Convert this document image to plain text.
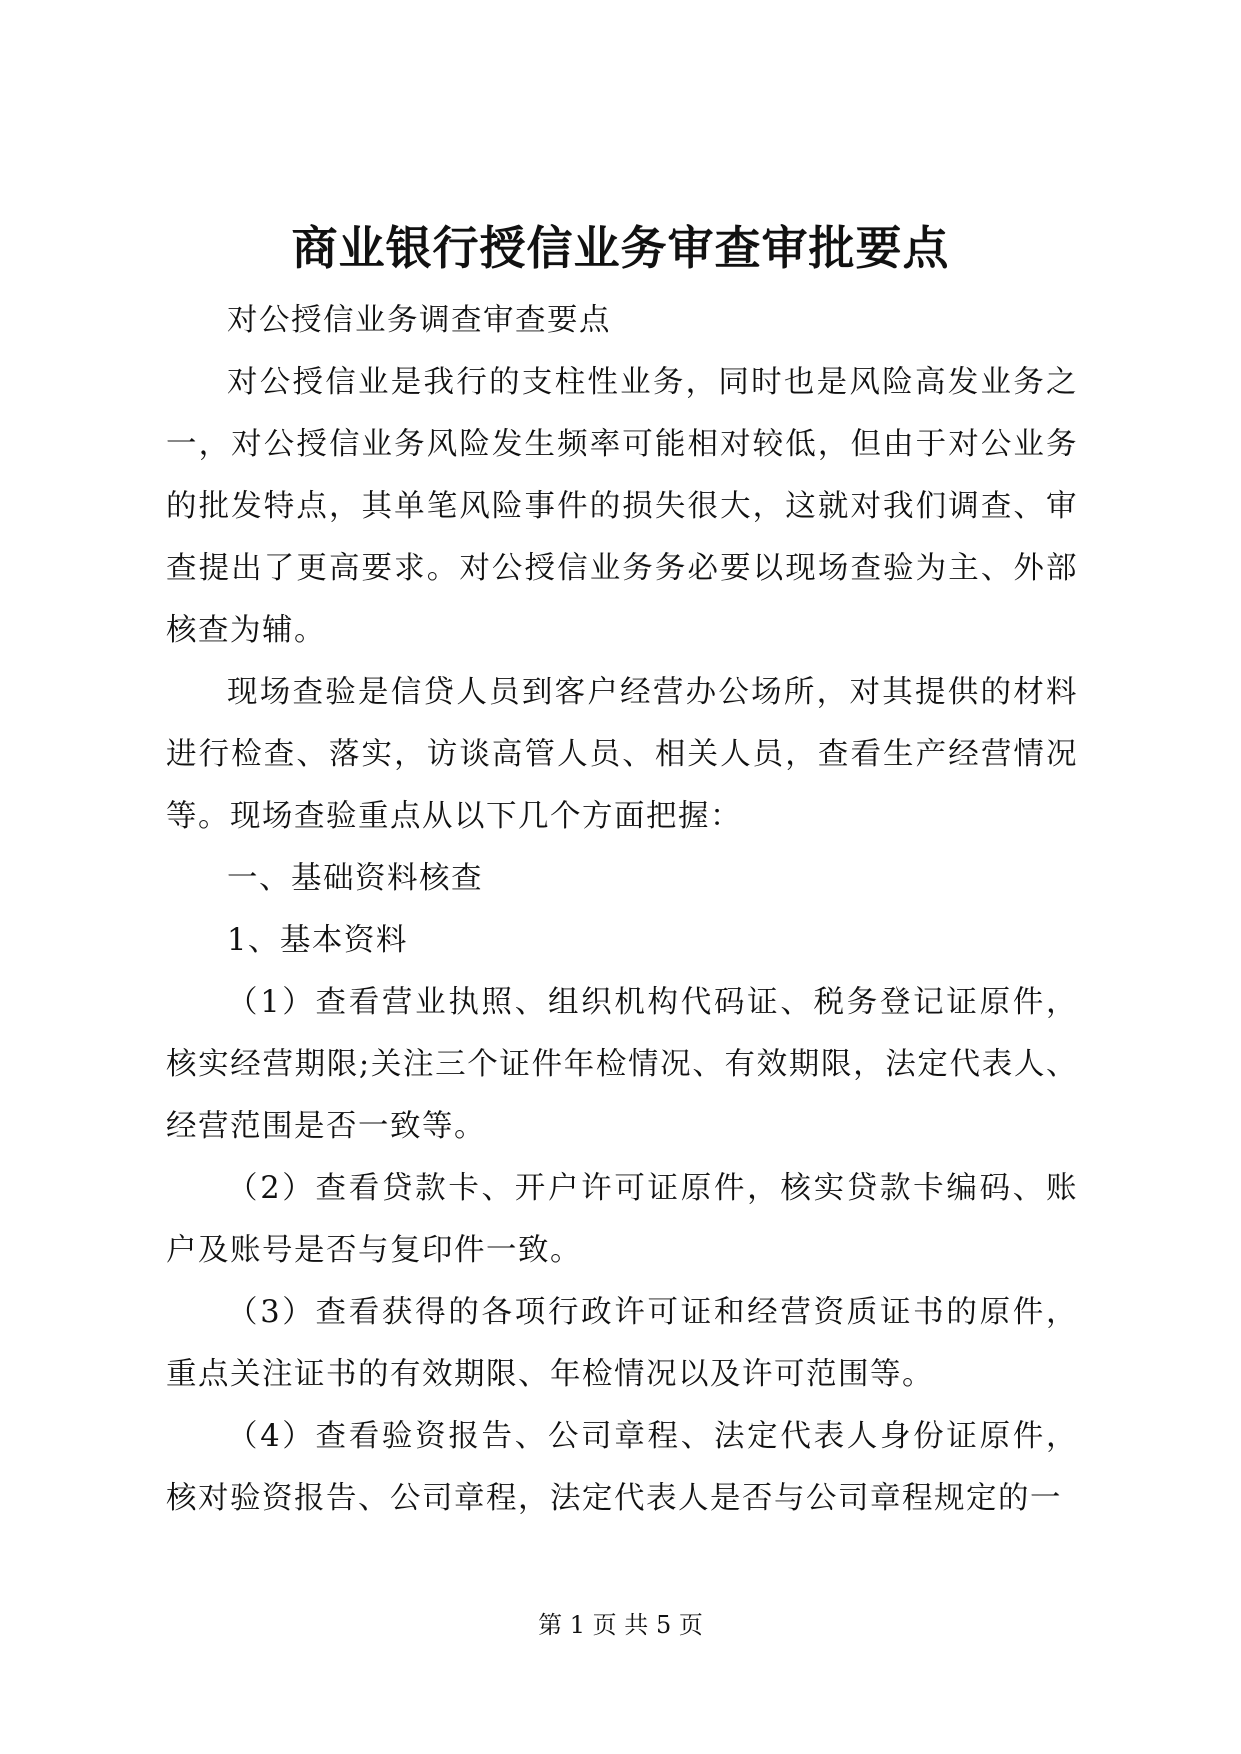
商业银行授信业务审查审批要点

对公授信业务调查审查要点

对公授信业是我行的支柱性业务，同时也是风险高发业务之一，对公授信业务风险发生频率可能相对较低，但由于对公业务的批发特点，其单笔风险事件的损失很大，这就对我们调查、审查提出了更高要求。对公授信业务务必要以现场查验为主、外部核查为辅。

现场查验是信贷人员到客户经营办公场所，对其提供的材料进行检查、落实，访谈高管人员、相关人员，查看生产经营情况等。现场查验重点从以下几个方面把握：

一、基础资料核查

1、基本资料

（1）查看营业执照、组织机构代码证、税务登记证原件，核实经营期限;关注三个证件年检情况、有效期限，法定代表人、经营范围是否一致等。

（2）查看贷款卡、开户许可证原件，核实贷款卡编码、账户及账号是否与复印件一致。

（3）查看获得的各项行政许可证和经营资质证书的原件，重点关注证书的有效期限、年检情况以及许可范围等。

（4）查看验资报告、公司章程、法定代表人身份证原件，核对验资报告、公司章程，法定代表人是否与公司章程规定的一

第 1 页 共 5 页
